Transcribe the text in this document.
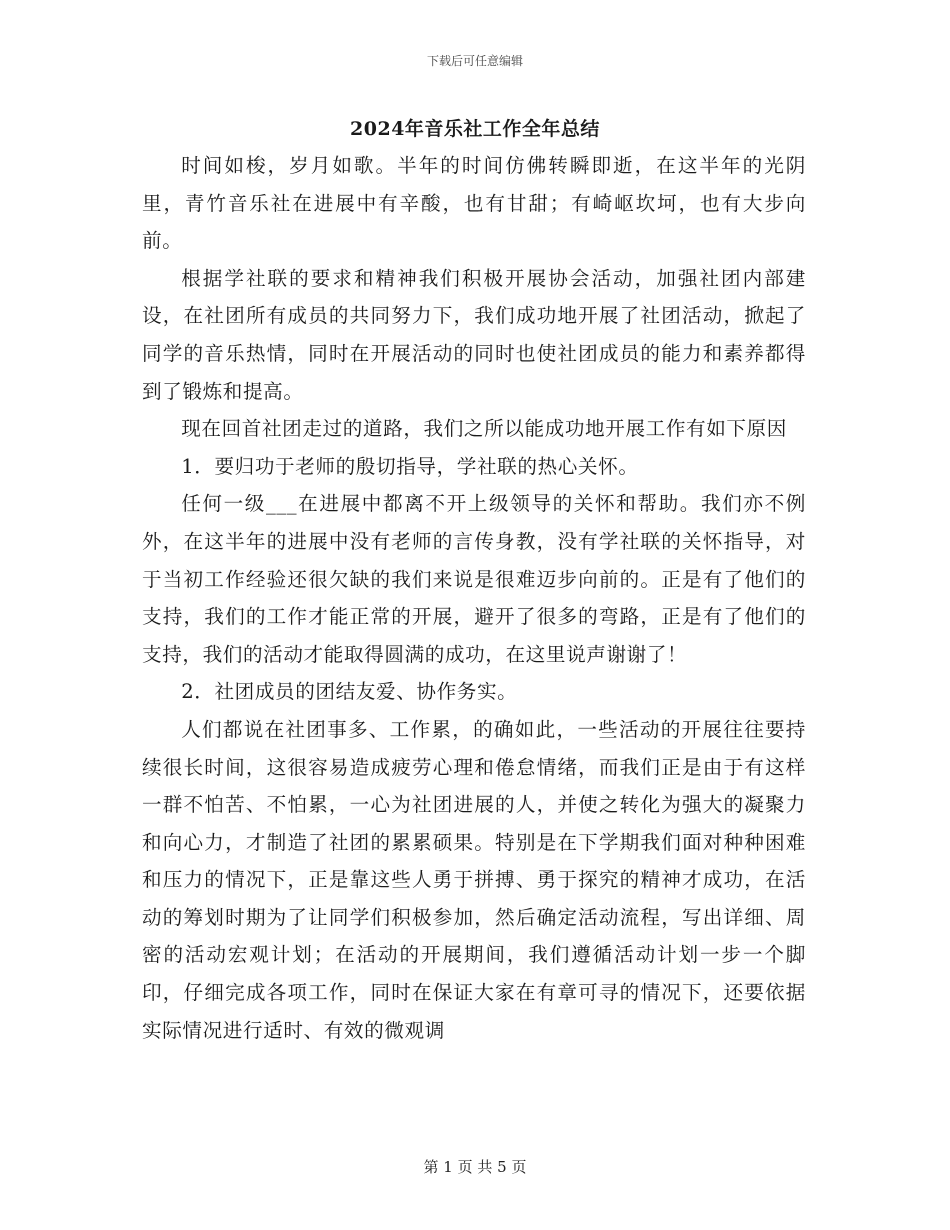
下载后可任意编辑
2024年音乐社工作全年总结

时间如梭，岁月如歌。半年的时间仿佛转瞬即逝，在这半年的光阴里，青竹音乐社在进展中有辛酸，也有甘甜；有崎岖坎坷，也有大步向前。

根据学社联的要求和精神我们积极开展协会活动，加强社团内部建设，在社团所有成员的共同努力下，我们成功地开展了社团活动，掀起了同学的音乐热情，同时在开展活动的同时也使社团成员的能力和素养都得到了锻炼和提高。

现在回首社团走过的道路，我们之所以能成功地开展工作有如下原因

1．要归功于老师的殷切指导，学社联的热心关怀。

任何一级___在进展中都离不开上级领导的关怀和帮助。我们亦不例外，在这半年的进展中没有老师的言传身教，没有学社联的关怀指导，对于当初工作经验还很欠缺的我们来说是很难迈步向前的。正是有了他们的支持，我们的工作才能正常的开展，避开了很多的弯路，正是有了他们的支持，我们的活动才能取得圆满的成功，在这里说声谢谢了！

2．社团成员的团结友爱、协作务实。

人们都说在社团事多、工作累，的确如此，一些活动的开展往往要持续很长时间，这很容易造成疲劳心理和倦怠情绪，而我们正是由于有这样一群不怕苦、不怕累，一心为社团进展的人，并使之转化为强大的凝聚力和向心力，才制造了社团的累累硕果。特别是在下学期我们面对种种困难和压力的情况下，正是靠这些人勇于拼搏、勇于探究的精神才成功，在活动的筹划时期为了让同学们积极参加，然后确定活动流程，写出详细、周密的活动宏观计划；在活动的开展期间，我们遵循活动计划一步一个脚印，仔细完成各项工作，同时在保证大家在有章可寻的情况下，还要依据实际情况进行适时、有效的微观调

第 1 页 共 5 页
